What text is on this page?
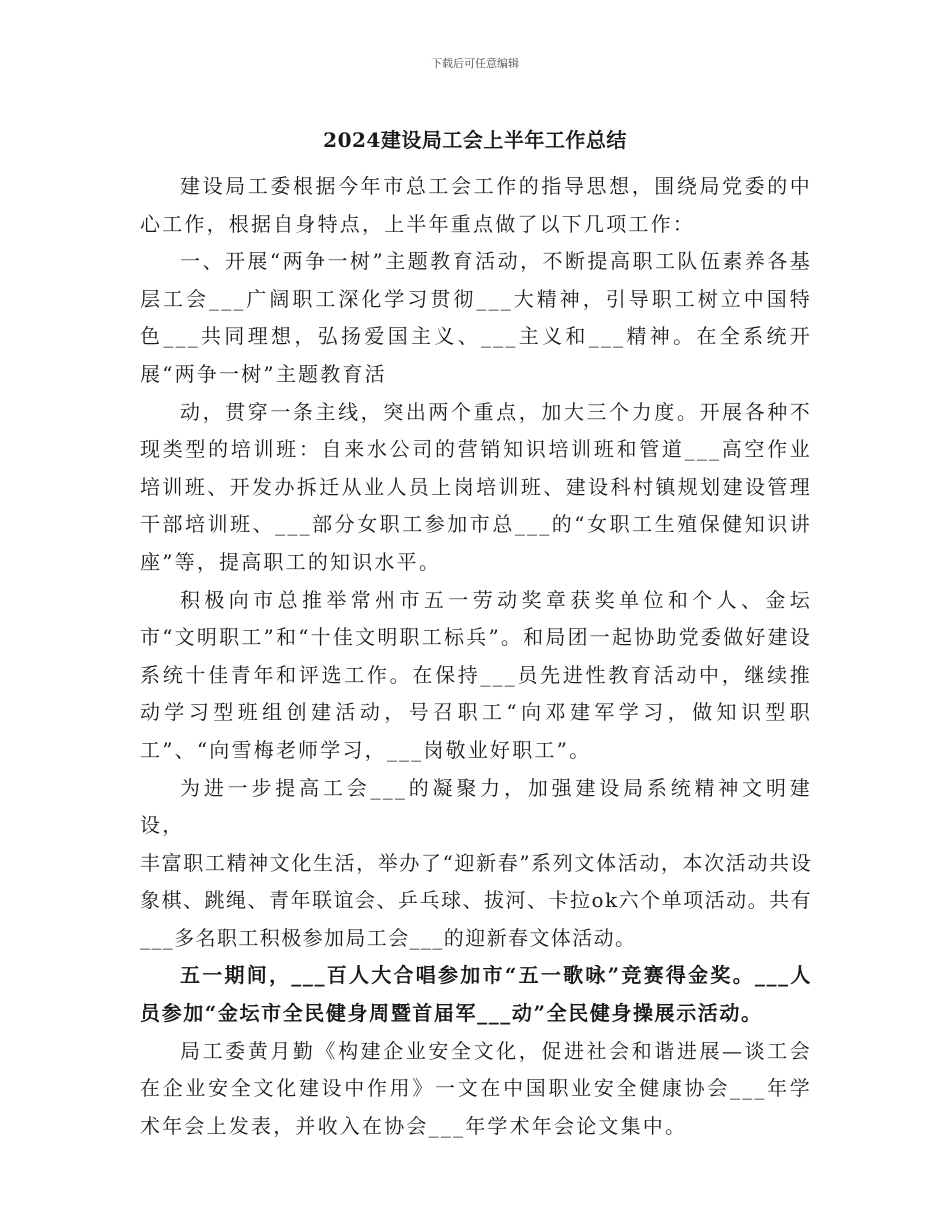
下载后可任意编辑
2024建设局工会上半年工作总结

建设局工委根据今年市总工会工作的指导思想，围绕局党委的中心工作，根据自身特点，上半年重点做了以下几项工作：

一、开展“两争一树”主题教育活动，不断提高职工队伍素养各基层工会___广阔职工深化学习贯彻___大精神，引导职工树立中国特色___共同理想，弘扬爱国主义、___主义和___精神。在全系统开展“两争一树”主题教育活

动，贯穿一条主线，突出两个重点，加大三个力度。开展各种不现类型的培训班：自来水公司的营销知识培训班和管道___高空作业培训班、开发办拆迁从业人员上岗培训班、建设科村镇规划建设管理干部培训班、___部分女职工参加市总___的“女职工生殖保健知识讲座”等，提高职工的知识水平。

积极向市总推举常州市五一劳动奖章获奖单位和个人、金坛市“文明职工”和“十佳文明职工标兵”。和局团一起协助党委做好建设系统十佳青年和评选工作。在保持___员先进性教育活动中，继续推动学习型班组创建活动，号召职工“向邓建军学习，做知识型职工”、“向雪梅老师学习，___岗敬业好职工”。

为进一步提高工会___的凝聚力，加强建设局系统精神文明建设，

丰富职工精神文化生活，举办了“迎新春”系列文体活动，本次活动共设象棋、跳绳、青年联谊会、乒乓球、拔河、卡拉ok六个单项活动。共有___多名职工积极参加局工会___的迎新春文体活动。

五一期间，___百人大合唱参加市“五一歌咏”竞赛得金奖。___人员参加“金坛市全民健身周暨首届军___动”全民健身操展示活动。

局工委黄月勤《构建企业安全文化，促进社会和谐进展—谈工会在企业安全文化建设中作用》一文在中国职业安全健康协会___年学术年会上发表，并收入在协会___年学术年会论文集中。
